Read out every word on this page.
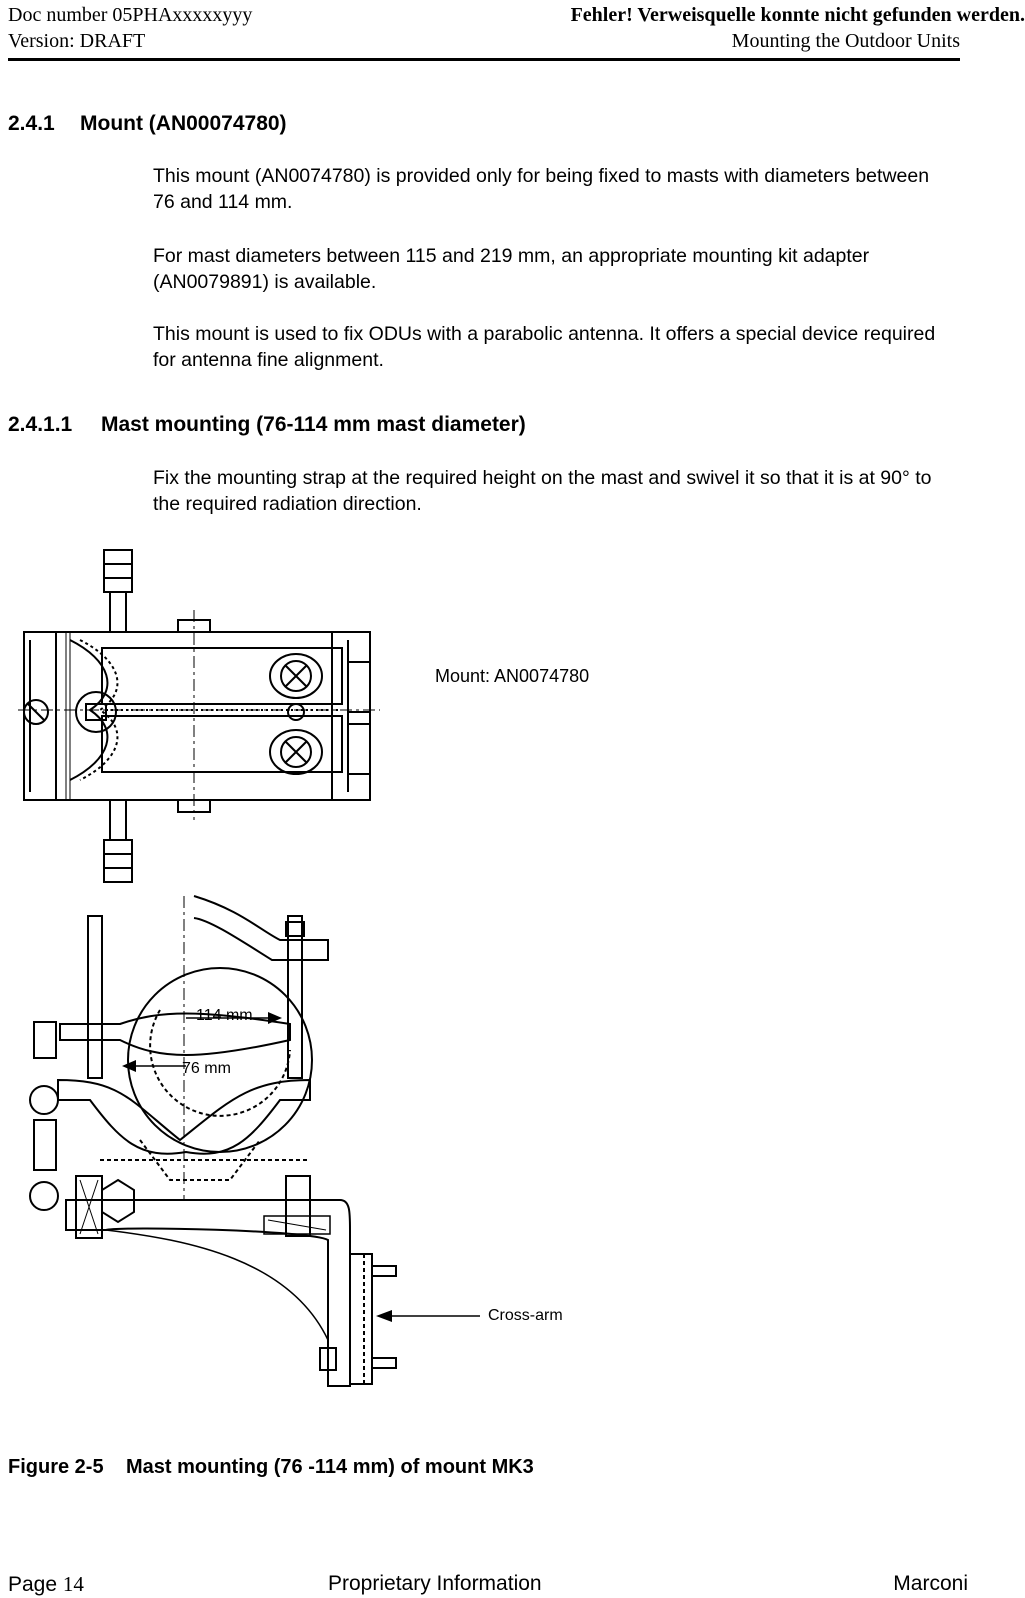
Doc number 05PHAxxxxxyyy
Version: DRAFT
Fehler! Verweisquelle konnte nicht gefunden werden.
Mounting the Outdoor Units
2.4.1 Mount (AN00074780)

This mount (AN0074780) is provided only for being fixed to masts with diameters between 76 and 114 mm.

For mast diameters between 115 and 219 mm, an appropriate mounting kit adapter (AN0079891) is available.

This mount is used to fix ODUs with a parabolic antenna. It offers a special device required for antenna fine alignment.

2.4.1.1 Mast mounting (76-114 mm mast diameter)

Fix the mounting strap at the required height on the mast and swivel it so that it is at 90° to the required radiation direction.

Mount: AN0074780
114 mm
76 mm
Cross-arm
Figure 2-5 Mast mounting (76 -114 mm) of mount MK3
Page 14	Proprietary Information	Marconi
